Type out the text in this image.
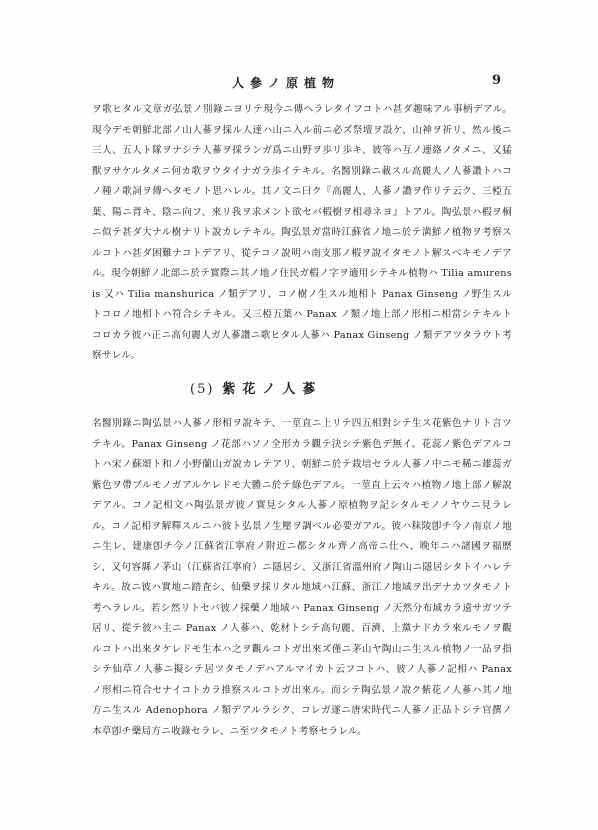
人參ノ原植物	9

ヲ歌ヒタル文章ガ弘景ノ別錄ニヨリテ現今ニ傳ヘラレタイフコトハ甚ダ趣味アル事柄デアル。現今デモ朝鮮北部ノ山人蔘ヲ採ル人達ハ山ニ入ル前ニ必ズ祭壇ヲ設ケ、山神ヲ祈リ、然ル後ニ三人、五人ト隊ヲナシテ人蔘ヲ採ランガ爲ニ山野ヲ歩リ歩キ、彼等ハ互ノ連絡ノタメニ、又猛獸ヲサケルタメニ何カ歌ヲウタイナガラ歩イテキル。名醫別錄ニ載スル高麗人ノ人蔘讚トハコノ種ノ歌詞ヲ傳ヘタモノト思ハレル。其ノ文ニ曰ク『高麗人、人蔘ノ讚ヲ作リテ云ク、三椏五葉、陽ニ背キ、陰ニ向フ、來リ我ヲ求メント欲セバ椵樹ヲ相尋ネヨ』トアル。陶弘景ハ椵ヲ桐ニ似テ甚ダ大ナル樹ナリト說カレテキル。陶弘景ガ當時江蘇省ノ地ニ於テ満鮮ノ植物ヲ考察スルコトハ甚ダ困難ナコトデアリ、從テコノ說明ハ南支那ノ椵ヲ說イタモノト解スベキモノデアル。現今朝鮮ノ北部ニ於テ實際ニ其ノ地ノ住民ガ椵ノ字ヲ適用シテキル植物ハ Tilia amurensis 又ハ Tilia manshurica ノ類デアリ、コノ樹ノ生スル地相ト Panax Ginseng ノ野生スルトコロノ地相トハ符合シテキル。又三椏五葉ハ Panax ノ類ノ地上部ノ形相ニ相當シテキルトコロカラ彼ハ正ニ高句麗人ガ人蔘讚ニ歌ヒタル人蔘ハ Panax Ginseng ノ類デアツタラウト考察サレル。

(5) 紫花ノ人蔘

名醫別錄ニ陶弘景ハ人蔘ノ形相ヲ說キテ、一莖直ニ上リテ四五相對シテ生ス花紫色ナリト言ツテキル。Panax Ginseng ノ花部ハソノ全形カラ觀テ決シテ紫色デ無イ。花蕊ノ紫色デアルコトハ宋ノ蘇頌ト和ノ小野蘭山ガ說カレテアリ、朝鮮ニ於テ栽培セラル人蔘ノ中ニモ稀ニ雄蕊ガ紫色ヲ帶ブルモノガアルケレドモ大體ニ於テ綠色デアル。一莖直上云々ハ植物ノ地上部ノ解說デアル。コノ記相文ハ陶弘景ガ彼ノ實見シタル人蔘ノ原植物ヲ記シタルモノノヤウニ見ラレル。コノ記相ヲ解釋スルニハ彼ト弘景ノ生壓ヲ調ベル必要ガアル。彼ハ秣陵卽チ今ノ南京ノ地ニ生レ、建康卽チ今ノ江蘇省江寧府ノ附近ニ都シタル齊ノ高帝ニ仕ヘ、晩年ニハ諸國ヲ福歷シ、又句容縣ノ茅山（江蘇省江寧府）ニ隱居シ、又浙江省溫州府ノ陶山ニ隱居シタトイハレテキル。故ニ彼ハ實地ニ踏査シ、仙藥ヲ採リタル地域ハ江蘇、浙江ノ地域ヲ出デナカツタモノト考ヘラレル。若シ然リトセバ彼ノ採藥ノ地域ハ Panax Ginseng ノ天然分布域カラ遠サガツテ居リ、從テ彼ハ主ニ Panax ノ人蔘ハ、乾材トシテ高句麗、百濟、上黨ナドカラ來ルモノヲ觀ルコトハ出來タケレドモ生本ハ之ヲ觀ルコトガ出來ズ僅ニ茅山ヤ陶山ニ生スル植物ノ一品ヲ指シテ仙草ノ人蔘ニ擬シテ居ツタモノデハアルマイカト云フコトハ、彼ノ人蔘ノ記相ハ Panax ノ形相ニ符合セナイコトカラ推察スルコトガ出來ル。而シテ陶弘景ノ說ク紫花ノ人蔘ハ其ノ地方ニ生スル Adenophora ノ類デアルラシク、コレガ遂ニ唐宋時代ニ人蔘ノ正品トシテ官撰ノ本草卽チ藥局方ニ收錄セラレ、ニ至ツタモノト考察セラレル。
